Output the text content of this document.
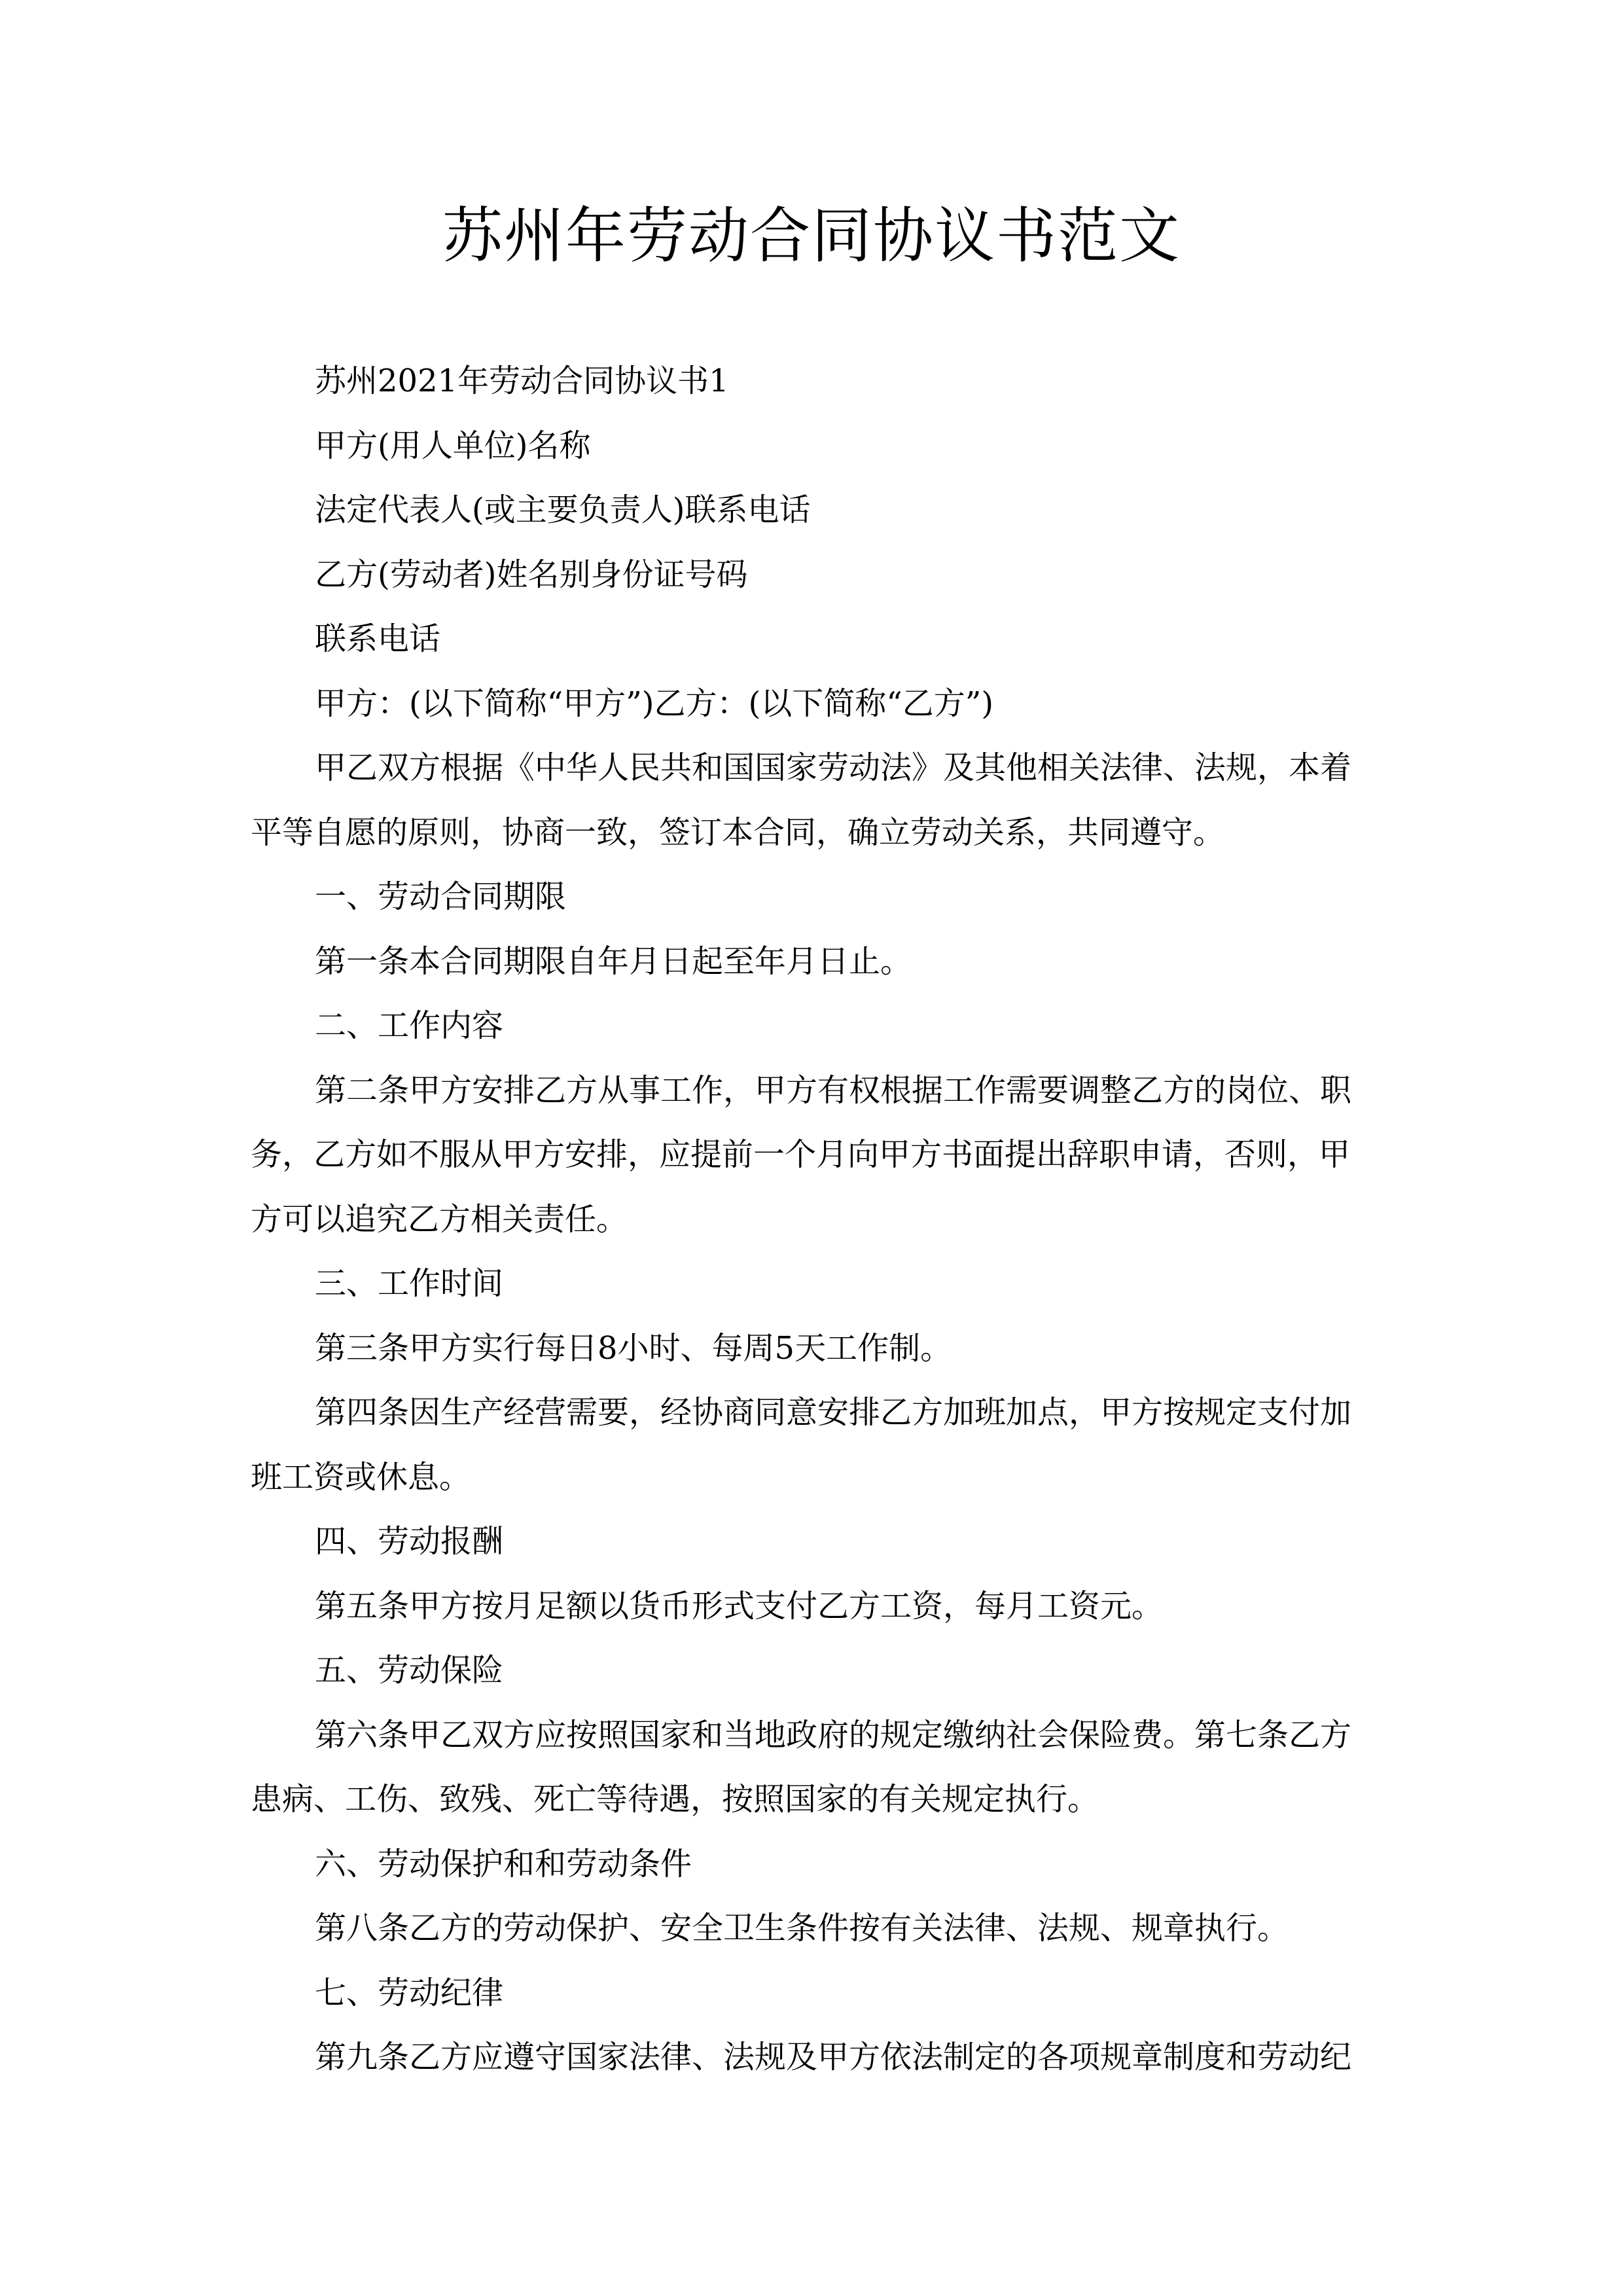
苏州年劳动合同协议书范文
苏州2021年劳动合同协议书1
甲方(用人单位)名称
法定代表人(或主要负责人)联系电话
乙方(劳动者)姓名别身份证号码
联系电话
甲方：(以下简称“甲方”)乙方：(以下简称“乙方”)
甲乙双方根据《中华人民共和国国家劳动法》及其他相关法律、法规，本着
平等自愿的原则，协商一致，签订本合同，确立劳动关系，共同遵守。
一、劳动合同期限
第一条本合同期限自年月日起至年月日止。
二、工作内容
第二条甲方安排乙方从事工作，甲方有权根据工作需要调整乙方的岗位、职
务，乙方如不服从甲方安排，应提前一个月向甲方书面提出辞职申请，否则，甲
方可以追究乙方相关责任。
三、工作时间
第三条甲方实行每日8小时、每周5天工作制。
第四条因生产经营需要，经协商同意安排乙方加班加点，甲方按规定支付加
班工资或休息。
四、劳动报酬
第五条甲方按月足额以货币形式支付乙方工资，每月工资元。
五、劳动保险
第六条甲乙双方应按照国家和当地政府的规定缴纳社会保险费。第七条乙方
患病、工伤、致残、死亡等待遇，按照国家的有关规定执行。
六、劳动保护和和劳动条件
第八条乙方的劳动保护、安全卫生条件按有关法律、法规、规章执行。
七、劳动纪律
第九条乙方应遵守国家法律、法规及甲方依法制定的各项规章制度和劳动纪
